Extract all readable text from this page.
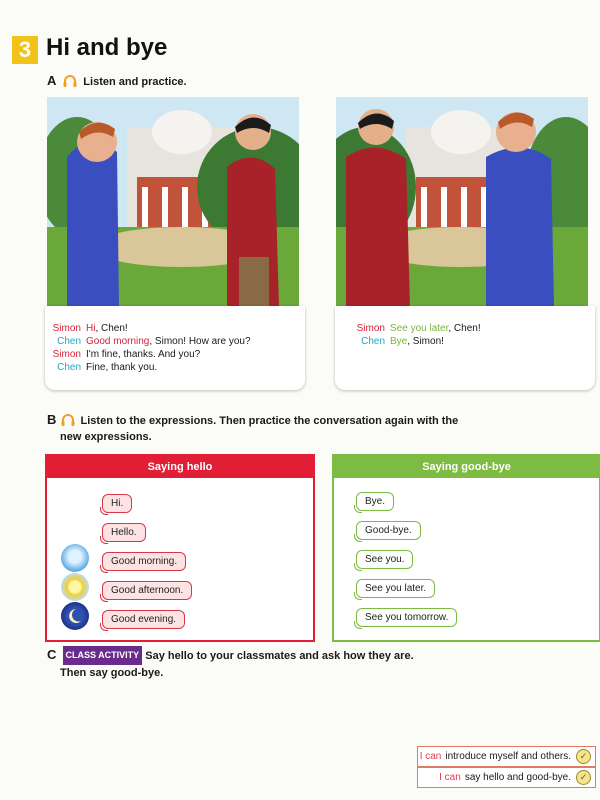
3 Hi and bye
A Listen and practice.
Simon Hi, Chen!
Chen Good morning, Simon! How are you?
Simon I'm fine, thanks. And you?
Chen Fine, thank you.
Simon See you later, Chen!
Chen Bye, Simon!
B Listen to the expressions. Then practice the conversation again with the
new expressions.
Saying hello
Hi.
Hello.
Good morning.
Good afternoon.
Good evening.
Saying good-bye
Bye.
Good-bye.
See you.
See you later.
See you tomorrow.
C CLASS ACTIVITY Say hello to your classmates and ask how they are.
Then say good-bye.
I can introduce myself and others. ✓
I can say hello and good-bye. ✓
